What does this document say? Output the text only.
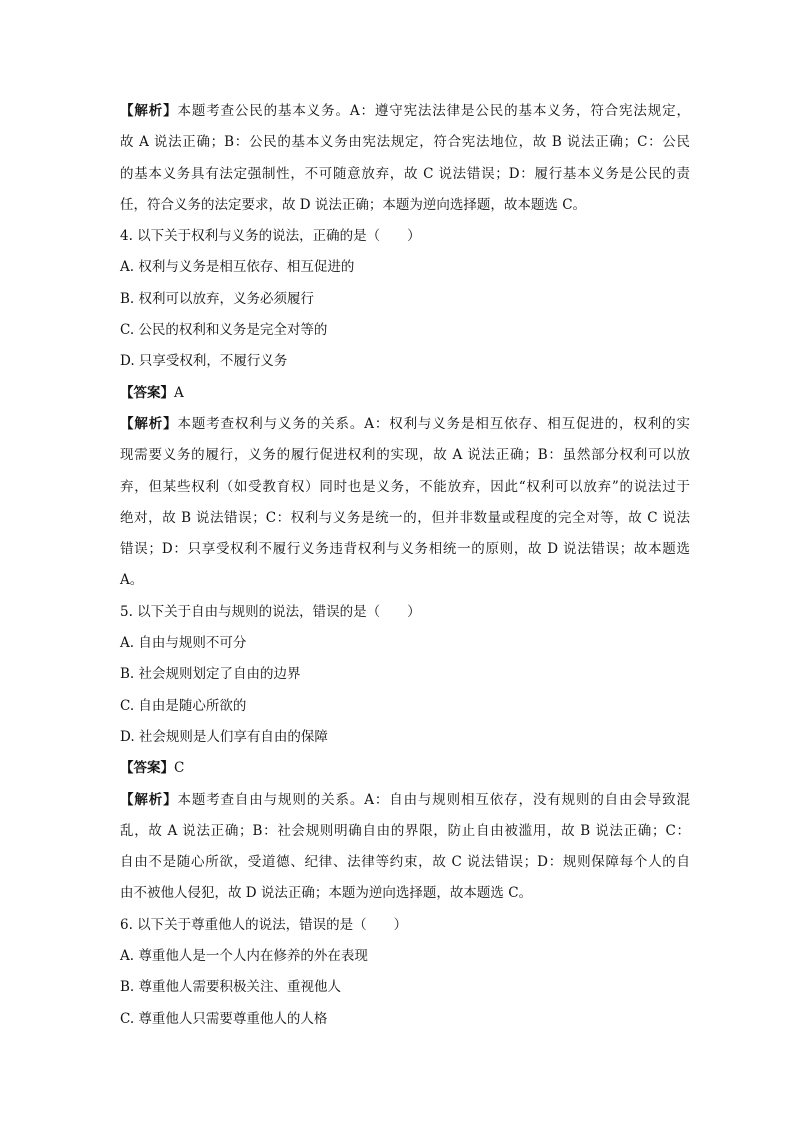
【解析】本题考查公民的基本义务。A：遵守宪法法律是公民的基本义务，符合宪法规定，
故 A 说法正确；B：公民的基本义务由宪法规定，符合宪法地位，故 B 说法正确；C：公民
的基本义务具有法定强制性，不可随意放弃，故 C 说法错误；D：履行基本义务是公民的责
任，符合义务的法定要求，故 D 说法正确；本题为逆向选择题，故本题选 C。
4. 以下关于权利与义务的说法，正确的是（　　）
A. 权利与义务是相互依存、相互促进的
B. 权利可以放弃，义务必须履行
C. 公民的权利和义务是完全对等的
D. 只享受权利，不履行义务
【答案】A
【解析】本题考查权利与义务的关系。A：权利与义务是相互依存、相互促进的，权利的实
现需要义务的履行，义务的履行促进权利的实现，故 A 说法正确；B：虽然部分权利可以放
弃，但某些权利（如受教育权）同时也是义务，不能放弃，因此“权利可以放弃”的说法过于
绝对，故 B 说法错误；C：权利与义务是统一的，但并非数量或程度的完全对等，故 C 说法
错误；D：只享受权利不履行义务违背权利与义务相统一的原则，故 D 说法错误；故本题选
A。
5. 以下关于自由与规则的说法，错误的是（　　）
A. 自由与规则不可分
B. 社会规则划定了自由的边界
C. 自由是随心所欲的
D. 社会规则是人们享有自由的保障
【答案】C
【解析】本题考查自由与规则的关系。A：自由与规则相互依存，没有规则的自由会导致混
乱，故 A 说法正确；B：社会规则明确自由的界限，防止自由被滥用，故 B 说法正确；C：
自由不是随心所欲，受道德、纪律、法律等约束，故 C 说法错误；D：规则保障每个人的自
由不被他人侵犯，故 D 说法正确；本题为逆向选择题，故本题选 C。
6. 以下关于尊重他人的说法，错误的是（　　）
A. 尊重他人是一个人内在修养的外在表现
B. 尊重他人需要积极关注、重视他人
C. 尊重他人只需要尊重他人的人格
